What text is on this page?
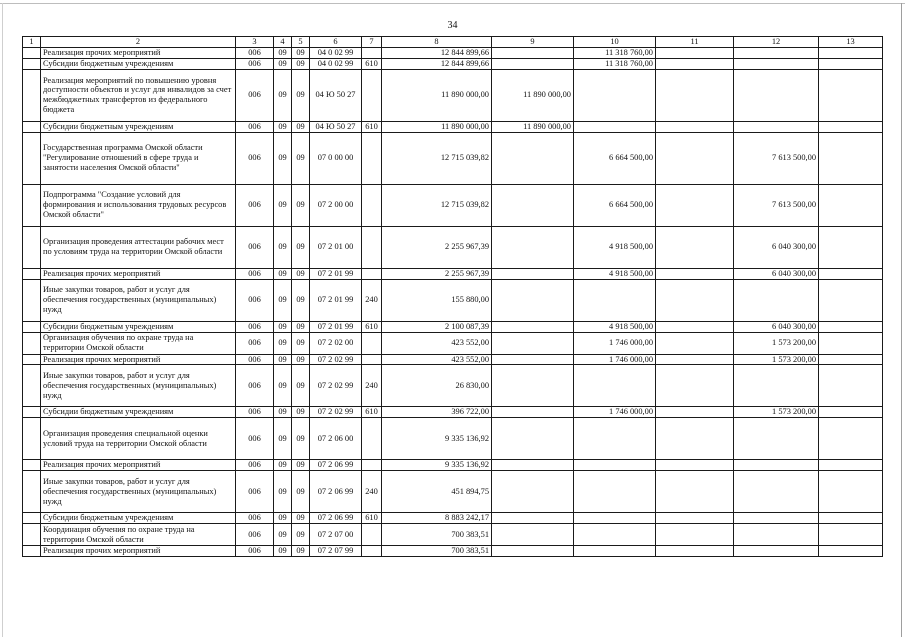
34
1	2	3	4	5	6	7	8	9	10	11	12	13
	Реализация прочих мероприятий	006	09	09	04 0 02 99		12 844 899,66		11 318 760,00			
	Субсидии бюджетным учреждениям	006	09	09	04 0 02 99	610	12 844 899,66		11 318 760,00			
	Реализация мероприятий по повышению уровня доступности объектов и услуг для инвалидов за счет межбюджетных трансфертов из федерального бюджета	006	09	09	04 Ю 50 27		11 890 000,00	11 890 000,00				
	Субсидии бюджетным учреждениям	006	09	09	04 Ю 50 27	610	11 890 000,00	11 890 000,00				
	Государственная программа Омской области "Регулирование отношений в сфере труда и занятости населения Омской области"	006	09	09	07 0 00 00		12 715 039,82		6 664 500,00		7 613 500,00	
	Подпрограмма "Создание условий для формирования и использования трудовых ресурсов Омской области"	006	09	09	07 2 00 00		12 715 039,82		6 664 500,00		7 613 500,00	
	Организация проведения аттестации рабочих мест по условиям труда на территории Омской области	006	09	09	07 2 01 00		2 255 967,39		4 918 500,00		6 040 300,00	
	Реализация прочих мероприятий	006	09	09	07 2 01 99		2 255 967,39		4 918 500,00		6 040 300,00	
	Иные закупки товаров, работ и услуг для обеспечения государственных (муниципальных) нужд	006	09	09	07 2 01 99	240	155 880,00					
	Субсидии бюджетным учреждениям	006	09	09	07 2 01 99	610	2 100 087,39		4 918 500,00		6 040 300,00	
	Организация обучения по охране труда на территории Омской области	006	09	09	07 2 02 00		423 552,00		1 746 000,00		1 573 200,00	
	Реализация прочих мероприятий	006	09	09	07 2 02 99		423 552,00		1 746 000,00		1 573 200,00	
	Иные закупки товаров, работ и услуг для обеспечения государственных (муниципальных) нужд	006	09	09	07 2 02 99	240	26 830,00					
	Субсидии бюджетным учреждениям	006	09	09	07 2 02 99	610	396 722,00		1 746 000,00		1 573 200,00	
	Организация проведения специальной оценки условий труда на территории Омской области	006	09	09	07 2 06 00		9 335 136,92					
	Реализация прочих мероприятий	006	09	09	07 2 06 99		9 335 136,92					
	Иные закупки товаров, работ и услуг для обеспечения государственных (муниципальных) нужд	006	09	09	07 2 06 99	240	451 894,75					
	Субсидии бюджетным учреждениям	006	09	09	07 2 06 99	610	8 883 242,17					
	Координация обучения по охране труда на территории Омской области	006	09	09	07 2 07 00		700 383,51					
	Реализация прочих мероприятий	006	09	09	07 2 07 99		700 383,51					
